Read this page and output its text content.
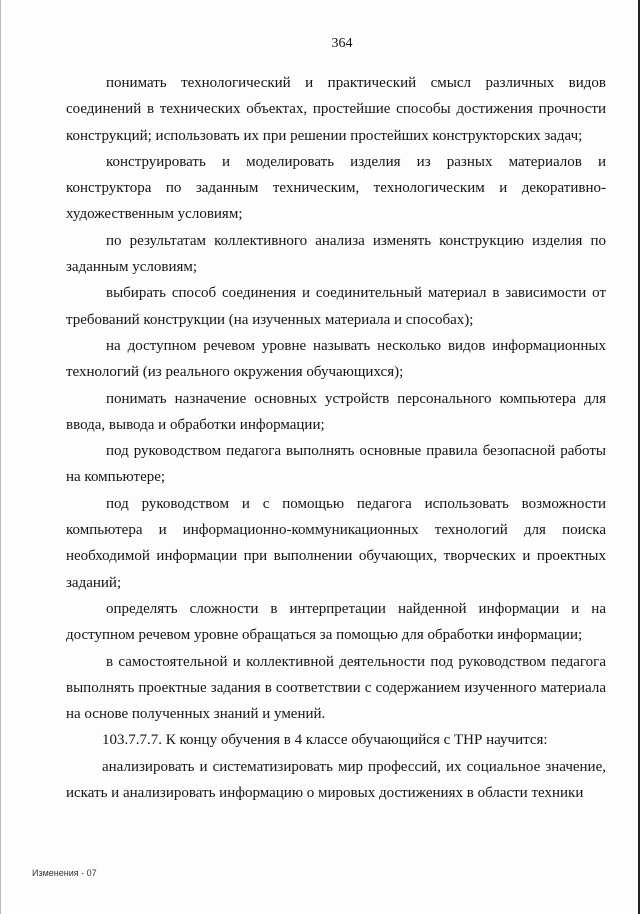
364

понимать технологический и практический смысл различных видов соединений в технических объектах, простейшие способы достижения прочности конструкций; использовать их при решении простейших конструкторских задач;

конструировать и моделировать изделия из разных материалов и конструктора по заданным техническим, технологическим и декоративно-художественным условиям;

по результатам коллективного анализа изменять конструкцию изделия по заданным условиям;

выбирать способ соединения и соединительный материал в зависимости от требований конструкции (на изученных материала и способах);

на доступном речевом уровне называть несколько видов информационных технологий (из реального окружения обучающихся);

понимать назначение основных устройств персонального компьютера для ввода, вывода и обработки информации;

под руководством педагога выполнять основные правила безопасной работы на компьютере;

под руководством и с помощью педагога использовать возможности компьютера и информационно-коммуникационных технологий для поиска необходимой информации при выполнении обучающих, творческих и проектных заданий;

определять сложности в интерпретации найденной информации и на доступном речевом уровне обращаться за помощью для обработки информации;

в самостоятельной и коллективной деятельности под руководством педагога выполнять проектные задания в соответствии с содержанием изученного материала на основе полученных знаний и умений.

103.7.7.7. К концу обучения в 4 классе обучающийся с ТНР научится:

анализировать и систематизировать мир профессий, их социальное значение, искать и анализировать информацию о мировых достижениях в области техники

Изменения - 07
